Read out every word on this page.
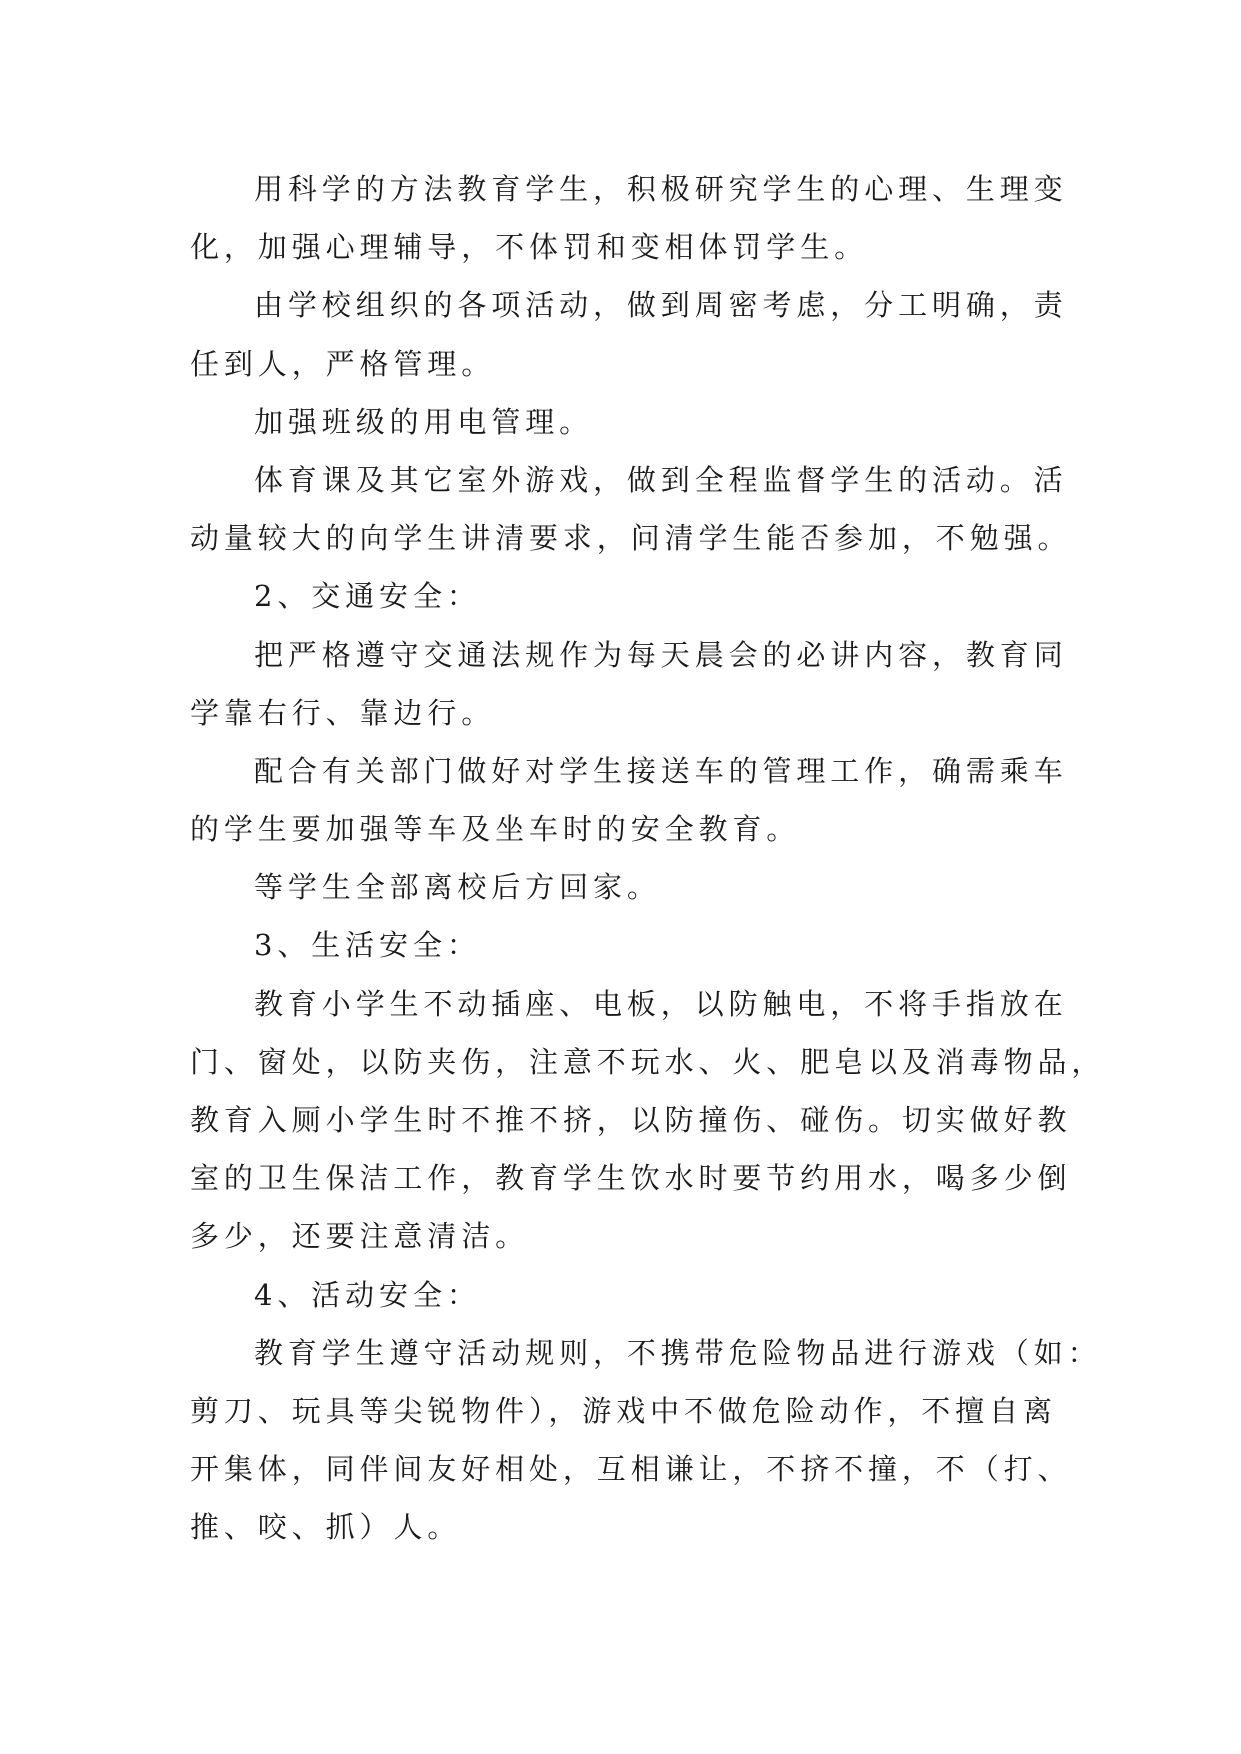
用科学的方法教育学生，积极研究学生的心理、生理变
化，加强心理辅导，不体罚和变相体罚学生。
由学校组织的各项活动，做到周密考虑，分工明确，责
任到人，严格管理。
加强班级的用电管理。
体育课及其它室外游戏，做到全程监督学生的活动。活
动量较大的向学生讲清要求，问清学生能否参加，不勉强。
2、交通安全：
把严格遵守交通法规作为每天晨会的必讲内容，教育同
学靠右行、靠边行。
配合有关部门做好对学生接送车的管理工作，确需乘车
的学生要加强等车及坐车时的安全教育。
等学生全部离校后方回家。
3、生活安全：
教育小学生不动插座、电板，以防触电，不将手指放在
门、窗处，以防夹伤，注意不玩水、火、肥皂以及消毒物品，
教育入厕小学生时不推不挤，以防撞伤、碰伤。切实做好教
室的卫生保洁工作，教育学生饮水时要节约用水，喝多少倒
多少，还要注意清洁。
4、活动安全：
教育学生遵守活动规则，不携带危险物品进行游戏（如：
剪刀、玩具等尖锐物件），游戏中不做危险动作，不擅自离
开集体，同伴间友好相处，互相谦让，不挤不撞，不（打、
推、咬、抓）人。
